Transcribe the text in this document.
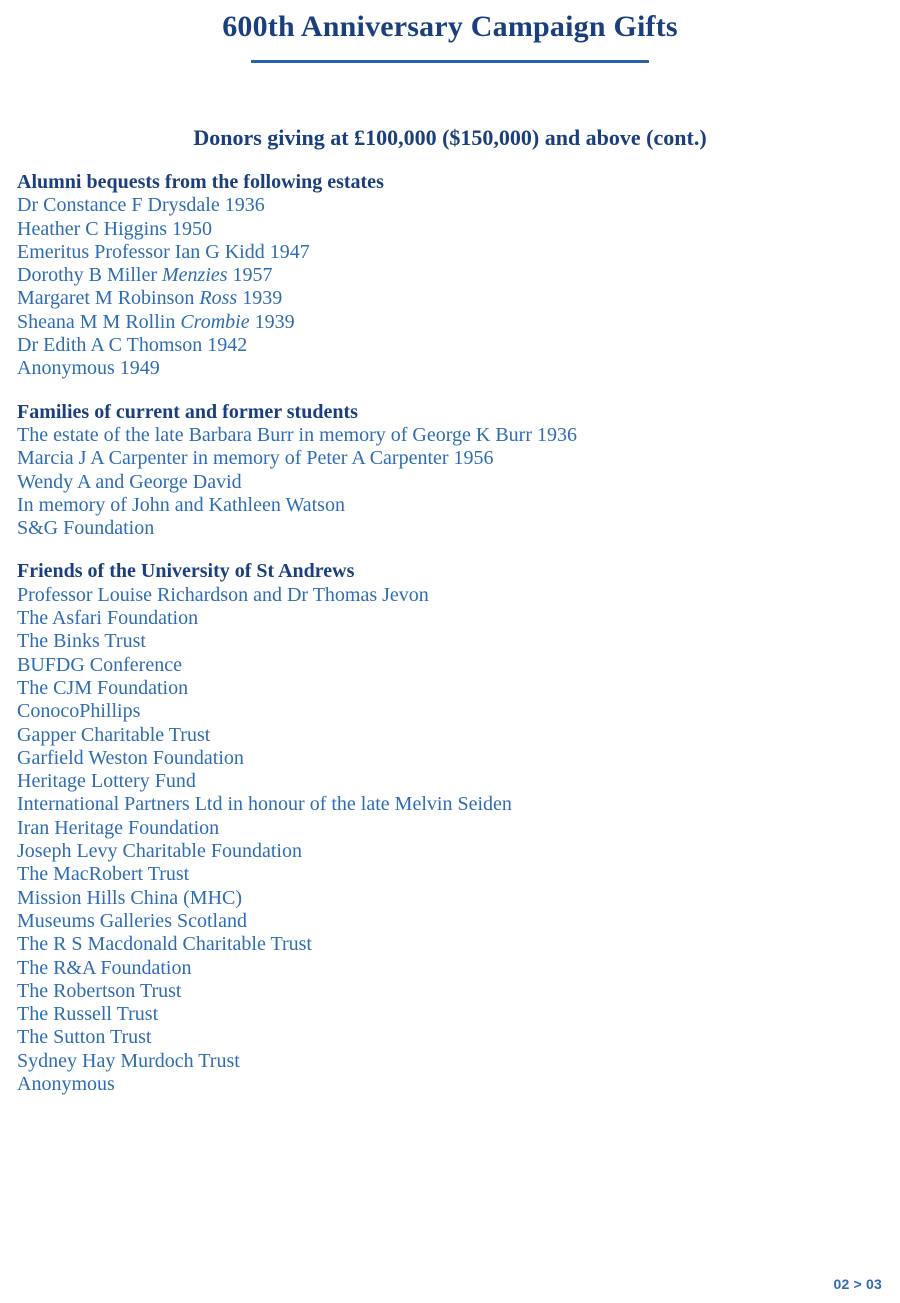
600th Anniversary Campaign Gifts
Donors giving at £100,000 ($150,000) and above (cont.)
Alumni bequests from the following estates
Dr Constance F Drysdale 1936
Heather C Higgins 1950
Emeritus Professor Ian G Kidd 1947
Dorothy B Miller Menzies 1957
Margaret M Robinson Ross 1939
Sheana M M Rollin Crombie 1939
Dr Edith A C Thomson 1942
Anonymous 1949
Families of current and former students
The estate of the late Barbara Burr in memory of George K Burr 1936
Marcia J A Carpenter in memory of Peter A Carpenter 1956
Wendy A and George David
In memory of John and Kathleen Watson
S&G Foundation
Friends of the University of St Andrews
Professor Louise Richardson and Dr Thomas Jevon
The Asfari Foundation
The Binks Trust
BUFDG Conference
The CJM Foundation
ConocoPhillips
Gapper Charitable Trust
Garfield Weston Foundation
Heritage Lottery Fund
International Partners Ltd in honour of the late Melvin Seiden
Iran Heritage Foundation
Joseph Levy Charitable Foundation
The MacRobert Trust
Mission Hills China (MHC)
Museums Galleries Scotland
The R S Macdonald Charitable Trust
The R&A Foundation
The Robertson Trust
The Russell Trust
The Sutton Trust
Sydney Hay Murdoch Trust
Anonymous
02 > 03
